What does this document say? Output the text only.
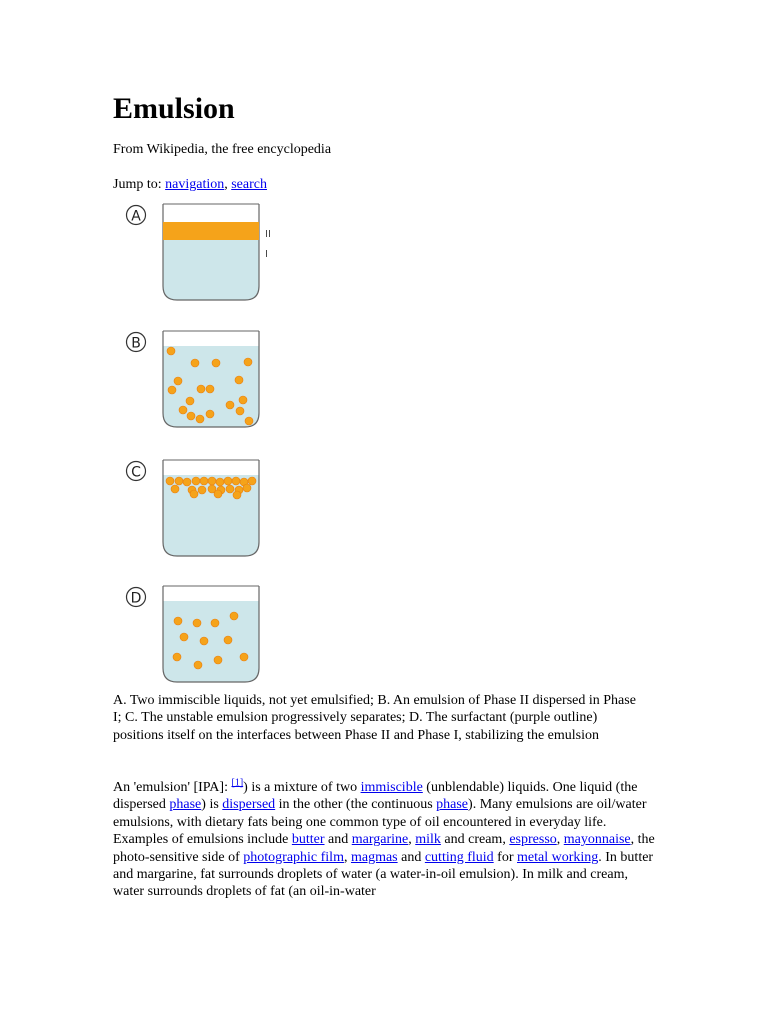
Emulsion
From Wikipedia, the free encyclopedia
Jump to: navigation, search
A
II
I
B
C
D
A. Two immiscible liquids, not yet emulsified; B. An emulsion of Phase II dispersed in Phase I; C. The unstable emulsion progressively separates; D. The surfactant (purple outline) positions itself on the interfaces between Phase II and Phase I, stabilizing the emulsion
An 'emulsion' [IPA]: [1]) is a mixture of two immiscible (unblendable) liquids. One liquid (the dispersed phase) is dispersed in the other (the continuous phase). Many emulsions are oil/water emulsions, with dietary fats being one common type of oil encountered in everyday life. Examples of emulsions include butter and margarine, milk and cream, espresso, mayonnaise, the photo-sensitive side of photographic film, magmas and cutting fluid for metal working. In butter and margarine, fat surrounds droplets of water (a water-in-oil emulsion). In milk and cream, water surrounds droplets of fat (an oil-in-water
